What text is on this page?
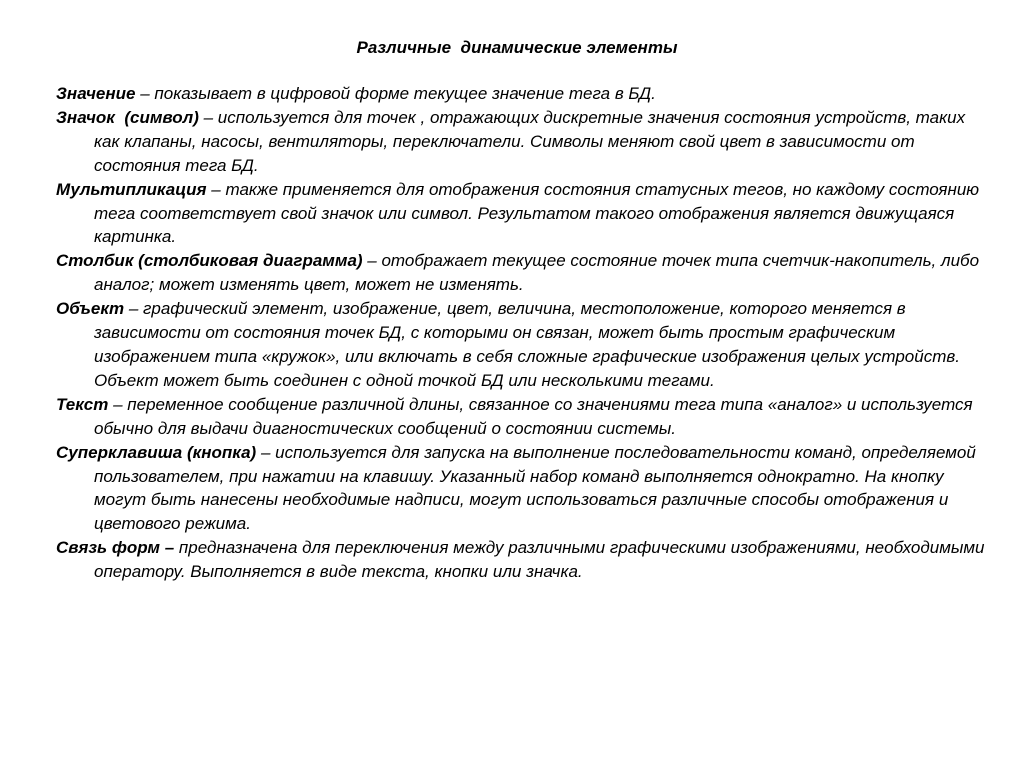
Различные  динамические элементы

Значение – показывает в цифровой форме текущее значение тега в БД.

Значок  (символ) – используется для точек , отражающих дискретные значения состояния устройств, таких как клапаны, насосы, вентиляторы, переключатели. Символы меняют свой цвет в зависимости от состояния тега БД.

Мультипликация – также применяется для отображения состояния статусных тегов, но каждому состоянию тега соответствует свой значок или символ. Результатом такого отображения является движущаяся картинка.

Столбик (столбиковая диаграмма) – отображает текущее состояние точек типа счетчик-накопитель, либо аналог; может изменять цвет, может не изменять.

Объект – графический элемент, изображение, цвет, величина, местоположение, которого меняется в зависимости от состояния точек БД, с которыми он связан, может быть простым графическим изображением типа «кружок», или включать в себя сложные графические изображения целых устройств. Объект может быть соединен с одной точкой БД или несколькими тегами.

Текст – переменное сообщение различной длины, связанное со значениями тега типа «аналог» и используется обычно для выдачи диагностических сообщений о состоянии системы.

Суперклавиша (кнопка) – используется для запуска на выполнение последовательности команд, определяемой пользователем, при нажатии на клавишу. Указанный набор команд выполняется однократно. На кнопку могут быть нанесены необходимые надписи, могут использоваться различные способы отображения и цветового режима.

Связь форм – предназначена для переключения между различными графическими изображениями, необходимыми оператору. Выполняется в виде текста, кнопки или значка.
